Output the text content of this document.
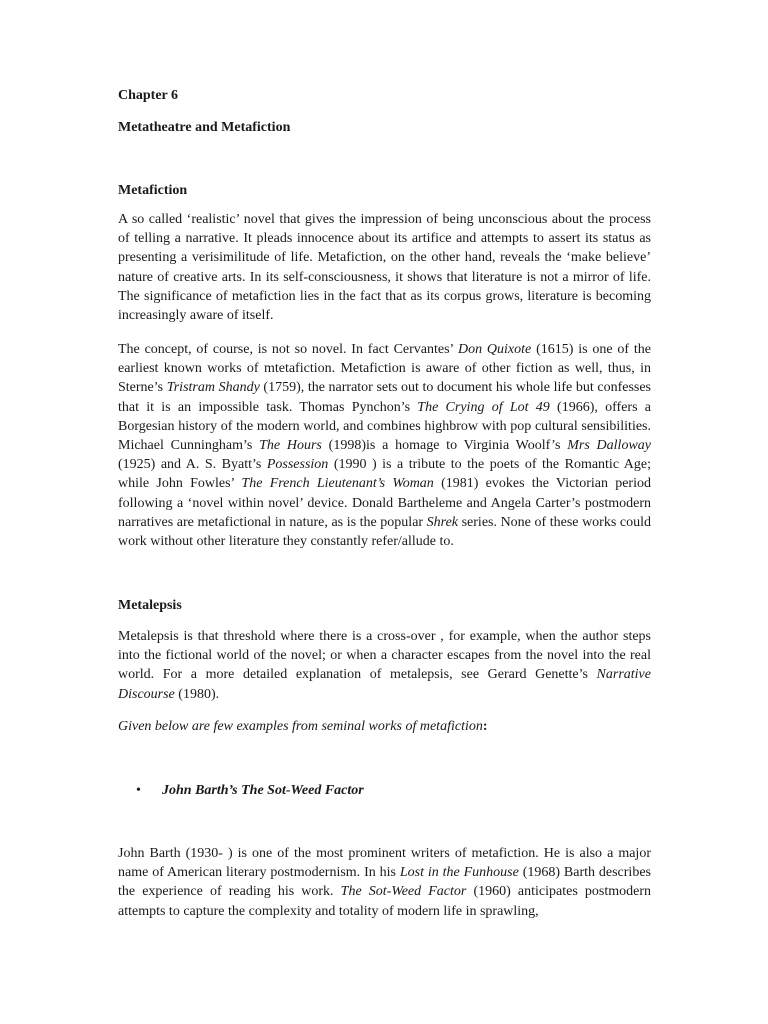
Chapter 6
Metatheatre and Metafiction
Metafiction
A so called ‘realistic’ novel that gives the impression of being unconscious about the process of telling a narrative. It pleads innocence about its artifice and attempts to assert its status as presenting a verisimilitude of life. Metafiction, on the other hand, reveals the ‘make believe’ nature of creative arts. In its self-consciousness, it shows that literature is not a mirror of life. The significance of metafiction lies in the fact that as its corpus grows, literature is becoming increasingly aware of itself.
The concept, of course, is not so novel. In fact Cervantes’ Don Quixote (1615) is one of the earliest known works of mtetafiction. Metafiction is aware of other fiction as well, thus, in Sterne’s Tristram Shandy (1759), the narrator sets out to document his whole life but confesses that it is an impossible task. Thomas Pynchon’s The Crying of Lot 49 (1966), offers a Borgesian history of the modern world, and combines highbrow with pop cultural sensibilities. Michael Cunningham’s The Hours (1998)is a homage to Virginia Woolf’s Mrs Dalloway (1925) and A. S. Byatt’s Possession (1990 ) is a tribute to the poets of the Romantic Age; while John Fowles’ The French Lieutenant’s Woman (1981) evokes the Victorian period following a ‘novel within novel’ device. Donald Bartheleme and Angela Carter’s postmodern narratives are metafictional in nature, as is the popular Shrek series. None of these works could work without other literature they constantly refer/allude to.
Metalepsis
Metalepsis is that threshold where there is a cross-over , for example, when the author steps into the fictional world of the novel; or when a character escapes from the novel into the real world. For a more detailed explanation of metalepsis, see Gerard Genette’s Narrative Discourse (1980).
Given below are few examples from seminal works of metafiction:
• John Barth’s The Sot-Weed Factor
John Barth (1930- ) is one of the most prominent writers of metafiction. He is also a major name of American literary postmodernism. In his Lost in the Funhouse (1968) Barth describes the experience of reading his work. The Sot-Weed Factor (1960) anticipates postmodern attempts to capture the complexity and totality of modern life in sprawling,
